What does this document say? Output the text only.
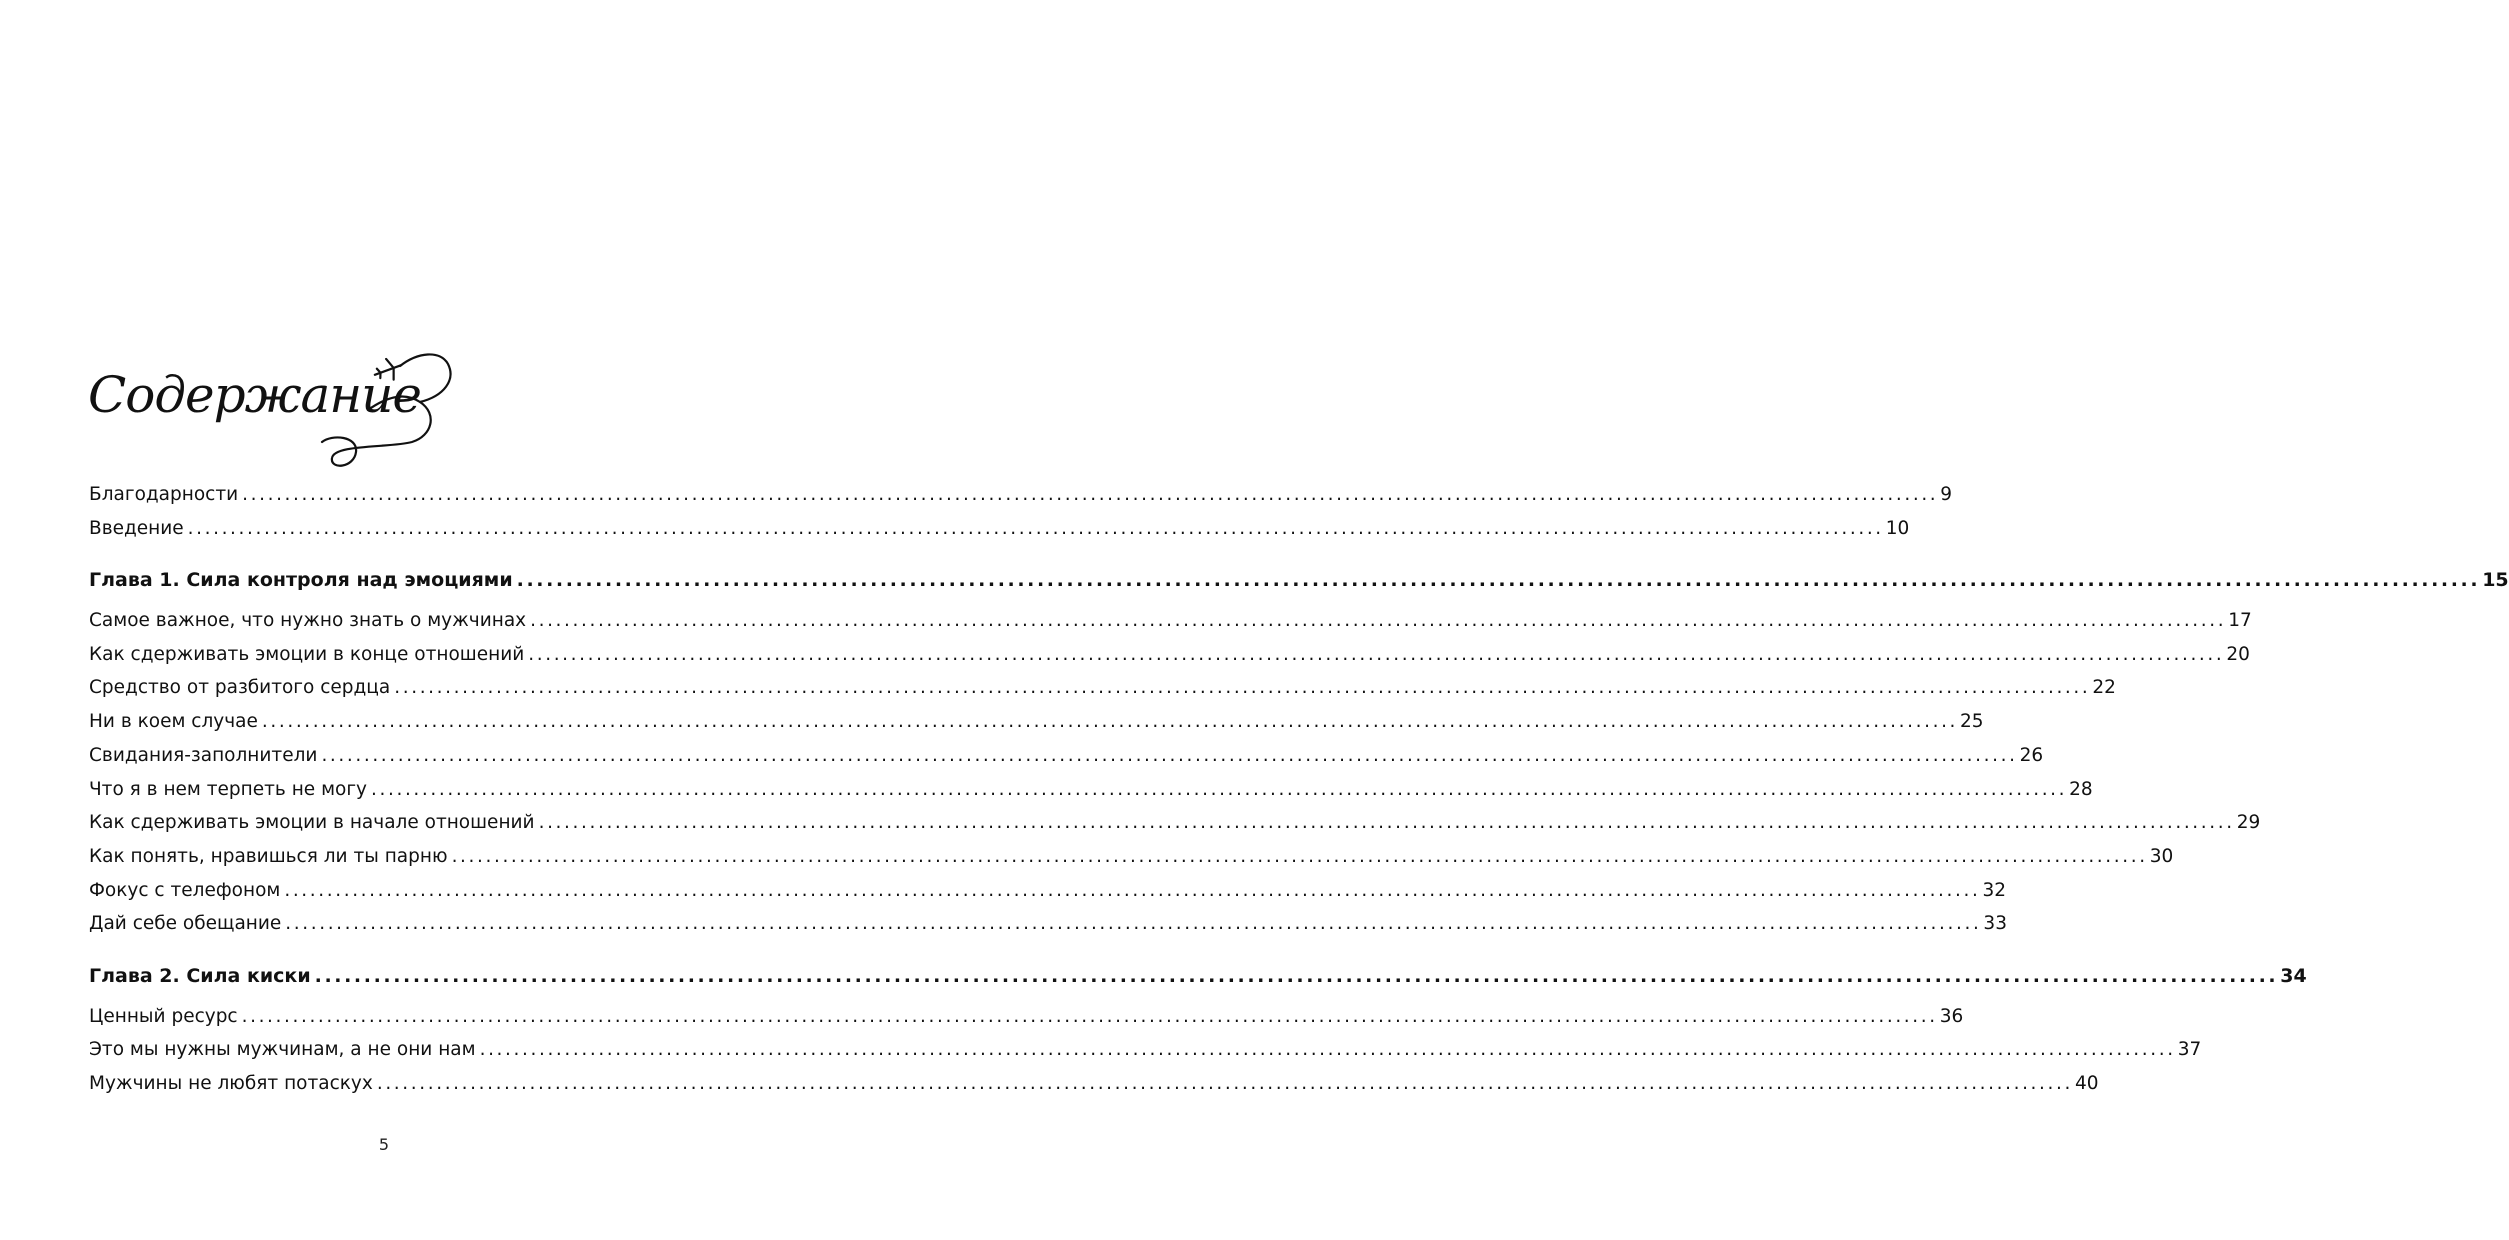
Содержание
Благодарности ........................................................................................................................................................................................................ 9
Введение ........................................................................................................................................................................................................ 10
Глава 1. Сила контроля над эмоциями ........................................................................................................................................................................................................ 15
Самое важное, что нужно знать о мужчинах ........................................................................................................................................................................................................ 17
Как сдерживать эмоции в конце отношений ........................................................................................................................................................................................................ 20
Средство от разбитого сердца ........................................................................................................................................................................................................ 22
Ни в коем случае ........................................................................................................................................................................................................ 25
Свидания-заполнители ........................................................................................................................................................................................................ 26
Что я в нем терпеть не могу ........................................................................................................................................................................................................ 28
Как сдерживать эмоции в начале отношений ........................................................................................................................................................................................................ 29
Как понять, нравишься ли ты парню ........................................................................................................................................................................................................ 30
Фокус с телефоном ........................................................................................................................................................................................................ 32
Дай себе обещание ........................................................................................................................................................................................................ 33
Глава 2. Сила киски ........................................................................................................................................................................................................ 34
Ценный ресурс ........................................................................................................................................................................................................ 36
Это мы нужны мужчинам, а не они нам ........................................................................................................................................................................................................ 37
Мужчины не любят потаскух ........................................................................................................................................................................................................ 40
5
